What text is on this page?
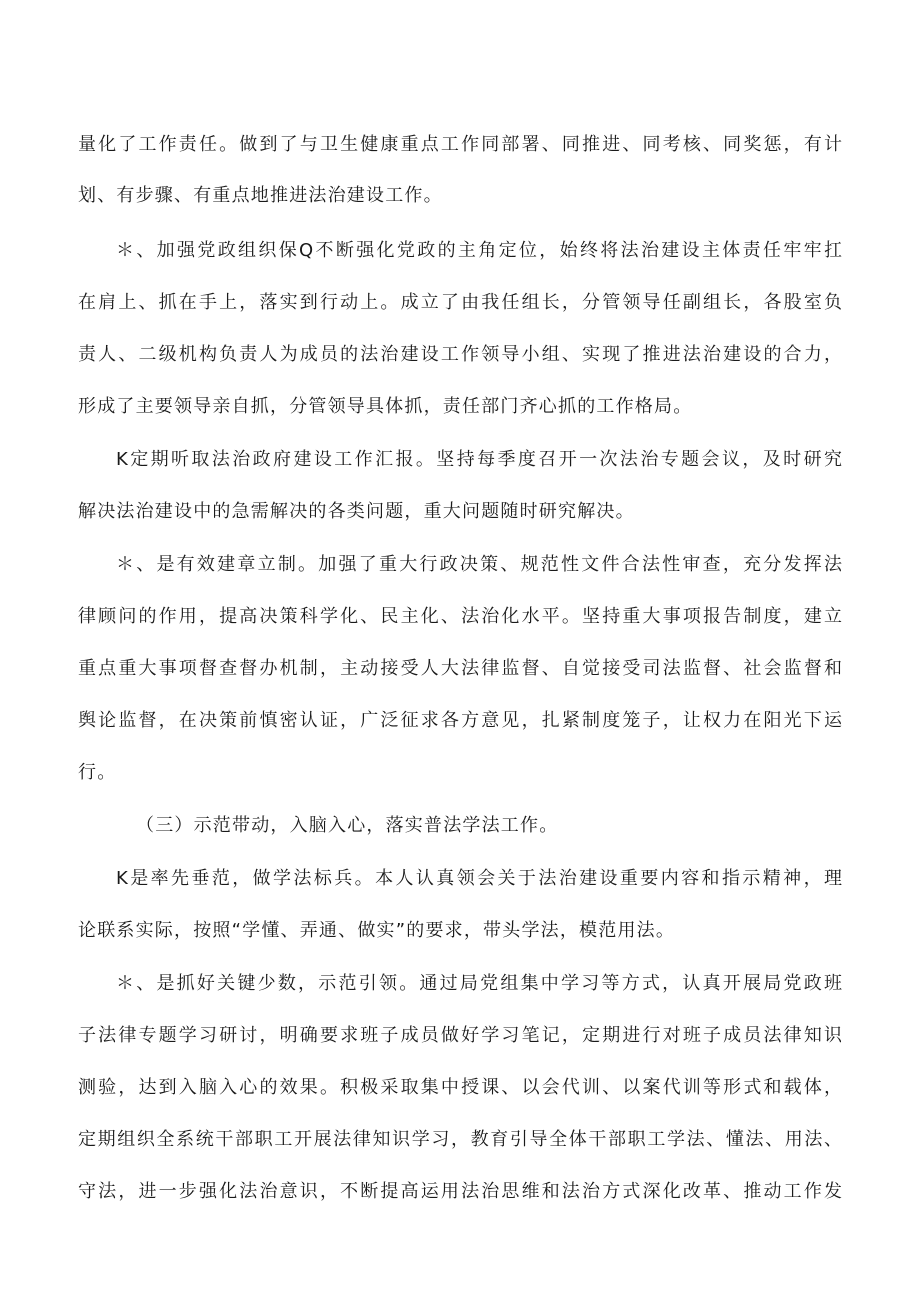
量化了工作责任。做到了与卫生健康重点工作同部署、同推进、同考核、同奖惩，有计
划、有步骤、有重点地推进法治建设工作。
＊、加强党政组织保Q不断强化党政的主角定位，始终将法治建设主体责任牢牢扛
在肩上、抓在手上，落实到行动上。成立了由我任组长，分管领导任副组长，各股室负
责人、二级机构负责人为成员的法治建设工作领导小组、实现了推进法治建设的合力，
形成了主要领导亲自抓，分管领导具体抓，责任部门齐心抓的工作格局。
K定期听取法治政府建设工作汇报。坚持每季度召开一次法治专题会议，及时研究
解决法治建设中的急需解决的各类问题，重大问题随时研究解决。
＊、是有效建章立制。加强了重大行政决策、规范性文件合法性审查，充分发挥法
律顾问的作用，提高决策科学化、民主化、法治化水平。坚持重大事项报告制度，建立
重点重大事项督查督办机制，主动接受人大法律监督、自觉接受司法监督、社会监督和
舆论监督，在决策前慎密认证，广泛征求各方意见，扎紧制度笼子，让权力在阳光下运
行。
（三）示范带动，入脑入心，落实普法学法工作。
K是率先垂范，做学法标兵。本人认真领会关于法治建设重要内容和指示精神，理
论联系实际，按照“学懂、弄通、做实”的要求，带头学法，模范用法。
＊、是抓好关键少数，示范引领。通过局党组集中学习等方式，认真开展局党政班
子法律专题学习研讨，明确要求班子成员做好学习笔记，定期进行对班子成员法律知识
测验，达到入脑入心的效果。积极采取集中授课、以会代训、以案代训等形式和载体，
定期组织全系统干部职工开展法律知识学习，教育引导全体干部职工学法、懂法、用法、
守法，进一步强化法治意识，不断提高运用法治思维和法治方式深化改革、推动工作发
